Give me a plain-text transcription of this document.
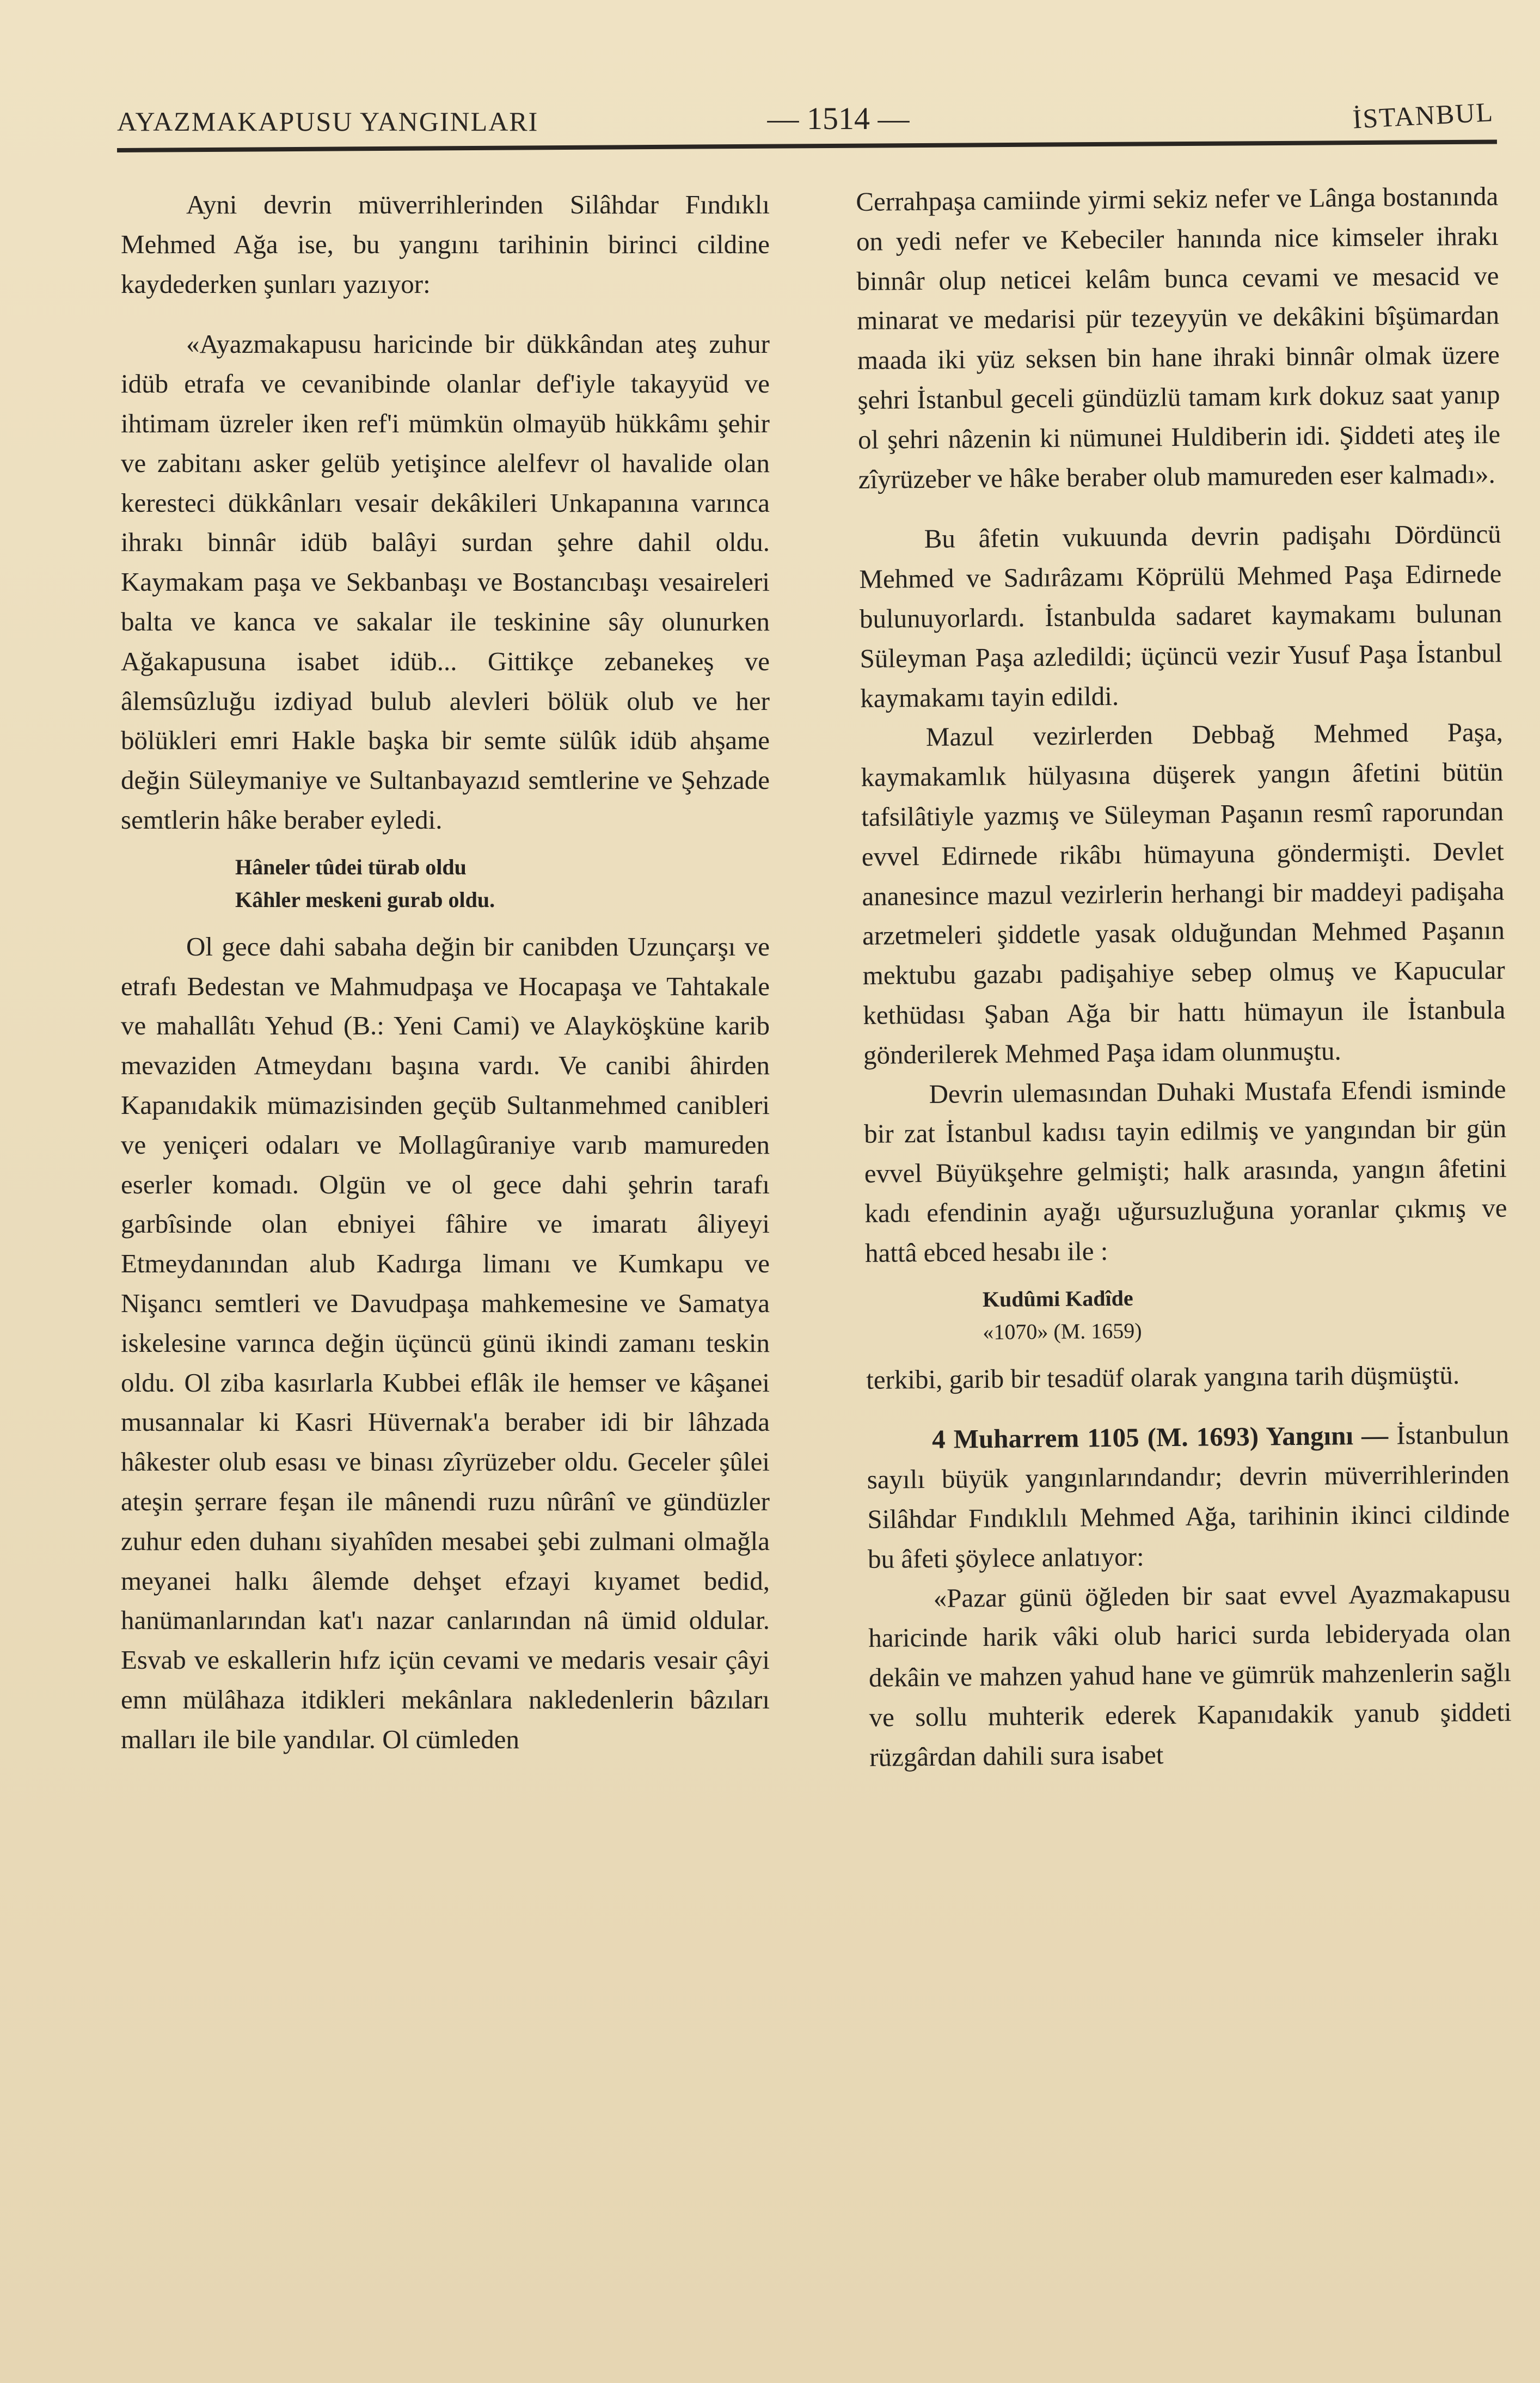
AYAZMAKAPUSU YANGINLARI	— 1514 —	İSTANBUL

Ayni devrin müverrihlerinden Silâhdar Fındıklı Mehmed Ağa ise, bu yangını tarihinin birinci cildine kaydederken şunları yazıyor:

«Ayazmakapusu haricinde bir dükkândan ateş zuhur idüb etrafa ve cevanibinde olanlar def'iyle takayyüd ve ihtimam üzreler iken ref'i mümkün olmayüb hükkâmı şehir ve zabitanı asker gelüb yetişince alelfevr ol havalide olan keresteci dükkânları vesair dekâkileri Unkapanına varınca ihrakı binnâr idüb balâyi surdan şehre dahil oldu. Kaymakam paşa ve Sekbanbaşı ve Bostancıbaşı vesaireleri balta ve kanca ve sakalar ile teskinine sây olunurken Ağakapusuna isabet idüb... Gittikçe zebanekeş ve âlemsûzluğu izdiyad bulub alevleri bölük olub ve her bölükleri emri Hakle başka bir semte sülûk idüb ahşame değin Süleymaniye ve Sultanbayazıd semtlerine ve Şehzade semtlerin hâke beraber eyledi.

Hâneler tûdei türab oldu
Kâhler meskeni gurab oldu.

Ol gece dahi sabaha değin bir canibden Uzunçarşı ve etrafı Bedestan ve Mahmudpaşa ve Hocapaşa ve Tahtakale ve mahallâtı Yehud (B.: Yeni Cami) ve Alayköşküne karib mevaziden Atmeydanı başına vardı. Ve canibi âhirden Kapanıdakik mümazisinden geçüb Sultanmehmed canibleri ve yeniçeri odaları ve Mollagûraniye varıb mamureden eserler komadı. Olgün ve ol gece dahi şehrin tarafı garbîsinde olan ebniyei fâhire ve imaratı âliyeyi Etmeydanından alub Kadırga limanı ve Kumkapu ve Nişancı semtleri ve Davudpaşa mahkemesine ve Samatya iskelesine varınca değin üçüncü günü ikindi zamanı teskin oldu. Ol ziba kasırlarla Kubbei eflâk ile hemser ve kâşanei musannalar ki Kasri Hüvernak'a beraber idi bir lâhzada hâkester olub esası ve binası zîyrüzeber oldu. Geceler şûlei ateşin şerrare feşan ile mânendi ruzu nûrânî ve gündüzler zuhur eden duhanı siyahîden mesabei şebi zulmani olmağla meyanei halkı âlemde dehşet efzayi kıyamet bedid, hanümanlarından kat'ı nazar canlarından nâ ümid oldular. Esvab ve eskallerin hıfz içün cevami ve medaris vesair çâyi emn mülâhaza itdikleri mekânlara nakledenlerin bâzıları malları ile bile yandılar. Ol cümleden

Cerrahpaşa camiinde yirmi sekiz nefer ve Lânga bostanında on yedi nefer ve Kebeciler hanında nice kimseler ihrakı binnâr olup neticei kelâm bunca cevami ve mesacid ve minarat ve medarisi pür tezeyyün ve dekâkini bîşümardan maada iki yüz seksen bin hane ihraki binnâr olmak üzere şehri İstanbul geceli gündüzlü tamam kırk dokuz saat yanıp ol şehri nâzenin ki nümunei Huldiberin idi. Şiddeti ateş ile zîyrüzeber ve hâke beraber olub mamureden eser kalmadı».

Bu âfetin vukuunda devrin padişahı Dördüncü Mehmed ve Sadırâzamı Köprülü Mehmed Paşa Edirnede bulunuyorlardı. İstanbulda sadaret kaymakamı bulunan Süleyman Paşa azledildi; üçüncü vezir Yusuf Paşa İstanbul kaymakamı tayin edildi.

Mazul vezirlerden Debbağ Mehmed Paşa, kaymakamlık hülyasına düşerek yangın âfetini bütün tafsilâtiyle yazmış ve Süleyman Paşanın resmî raporundan evvel Edirnede rikâbı hümayuna göndermişti. Devlet ananesince mazul vezirlerin herhangi bir maddeyi padişaha arzetmeleri şiddetle yasak olduğundan Mehmed Paşanın mektubu gazabı padişahiye sebep olmuş ve Kapucular kethüdası Şaban Ağa bir hattı hümayun ile İstanbula gönderilerek Mehmed Paşa idam olunmuştu.

Devrin ulemasından Duhaki Mustafa Efendi isminde bir zat İstanbul kadısı tayin edilmiş ve yangından bir gün evvel Büyükşehre gelmişti; halk arasında, yangın âfetini kadı efendinin ayağı uğursuzluğuna yoranlar çıkmış ve hattâ ebced hesabı ile :

Kudûmi Kadîde
«1070» (M. 1659)

terkibi, garib bir tesadüf olarak yangına tarih düşmüştü.

4 Muharrem 1105 (M. 1693) Yangını — İstanbulun sayılı büyük yangınlarındandır; devrin müverrihlerinden Silâhdar Fındıklılı Mehmed Ağa, tarihinin ikinci cildinde bu âfeti şöylece anlatıyor:

«Pazar günü öğleden bir saat evvel Ayazmakapusu haricinde harik vâki olub harici surda lebideryada olan dekâin ve mahzen yahud hane ve gümrük mahzenlerin sağlı ve sollu muhterik ederek Kapanıdakik yanub şiddeti rüzgârdan dahili sura isabet
